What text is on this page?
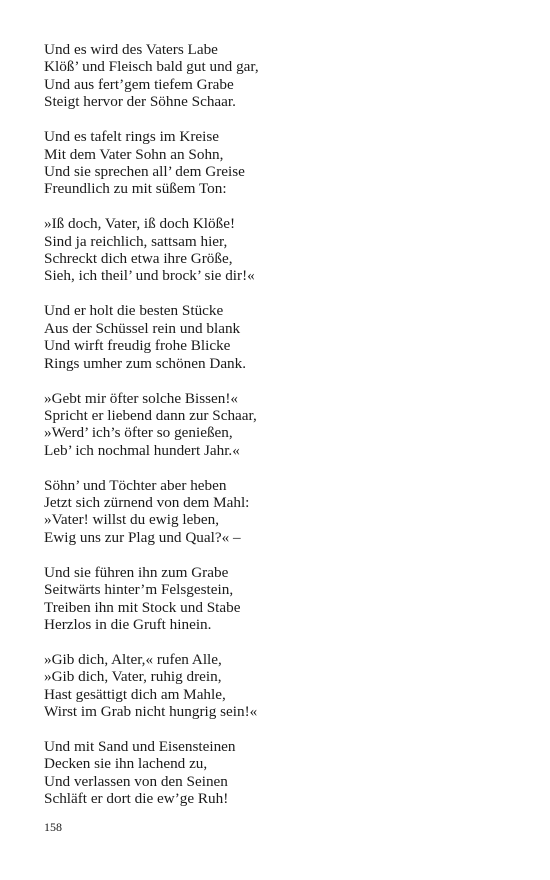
Und es wird des Vaters Labe
Klöß’ und Fleisch bald gut und gar,
Und aus fert’gem tiefem Grabe
Steigt hervor der Söhne Schaar.
Und es tafelt rings im Kreise
Mit dem Vater Sohn an Sohn,
Und sie sprechen all’ dem Greise
Freundlich zu mit süßem Ton:
»Iß doch, Vater, iß doch Klöße!
Sind ja reichlich, sattsam hier,
Schreckt dich etwa ihre Größe,
Sieh, ich theil’ und brock’ sie dir!«
Und er holt die besten Stücke
Aus der Schüssel rein und blank
Und wirft freudig frohe Blicke
Rings umher zum schönen Dank.
»Gebt mir öfter solche Bissen!«
Spricht er liebend dann zur Schaar,
»Werd’ ich’s öfter so genießen,
Leb’ ich nochmal hundert Jahr.«
Söhn’ und Töchter aber heben
Jetzt sich zürnend von dem Mahl:
»Vater! willst du ewig leben,
Ewig uns zur Plag und Qual?« –
Und sie führen ihn zum Grabe
Seitwärts hinter’m Felsgestein,
Treiben ihn mit Stock und Stabe
Herzlos in die Gruft hinein.
»Gib dich, Alter,« rufen Alle,
»Gib dich, Vater, ruhig drein,
Hast gesättigt dich am Mahle,
Wirst im Grab nicht hungrig sein!«
Und mit Sand und Eisensteinen
Decken sie ihn lachend zu,
Und verlassen von den Seinen
Schläft er dort die ew’ge Ruh!
158
